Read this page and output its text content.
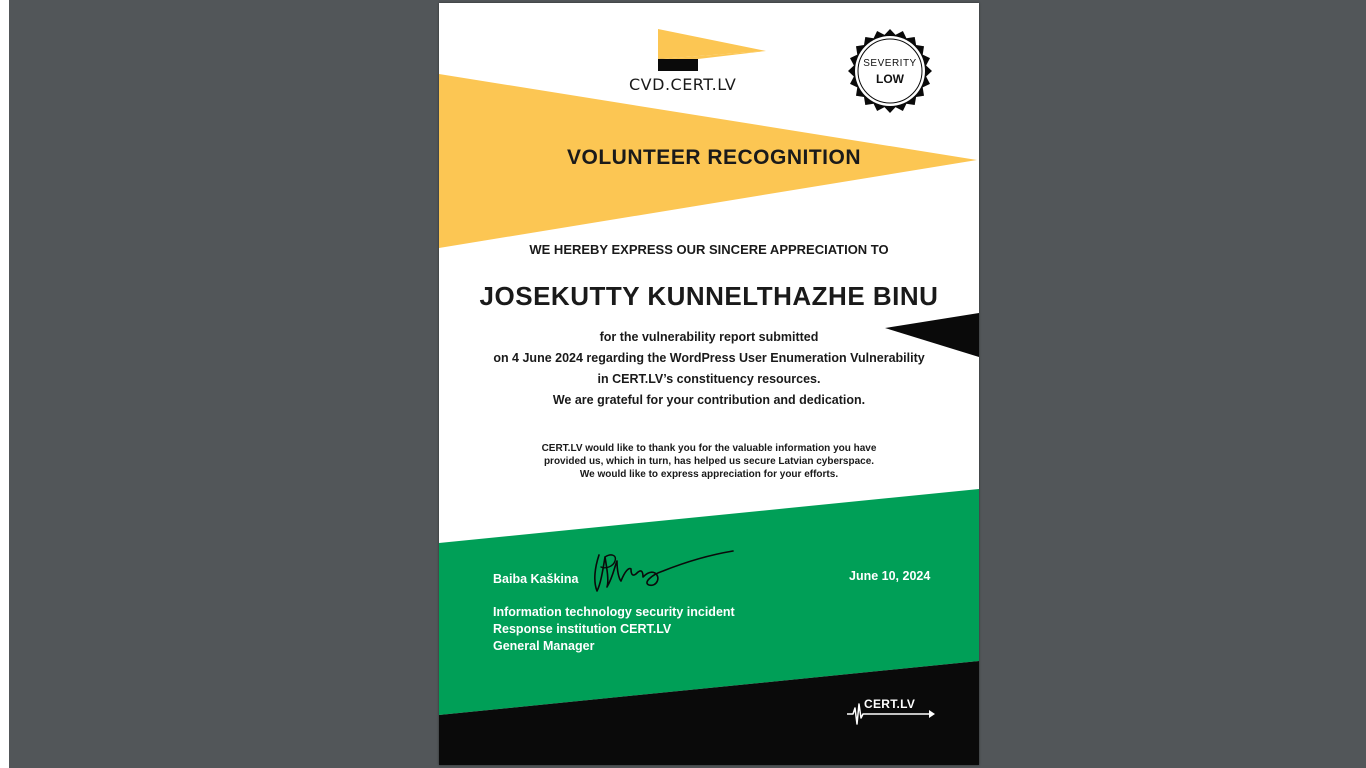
CVD.CERT.LV
SEVERITY
LOW
VOLUNTEER RECOGNITION
WE HEREBY EXPRESS OUR SINCERE APPRECIATION TO
JOSEKUTTY KUNNELTHAZHE BINU
for the vulnerability report submitted
on 4 June 2024 regarding the WordPress User Enumeration Vulnerability
in CERT.LV’s constituency resources.
We are grateful for your contribution and dedication.
CERT.LV would like to thank you for the valuable information you have
provided us, which in turn, has helped us secure Latvian cyberspace.
We would like to express appreciation for your efforts.
Baiba Kaškina	June 10, 2024
Information technology security incident
Response institution CERT.LV
General Manager
CERT.LV
